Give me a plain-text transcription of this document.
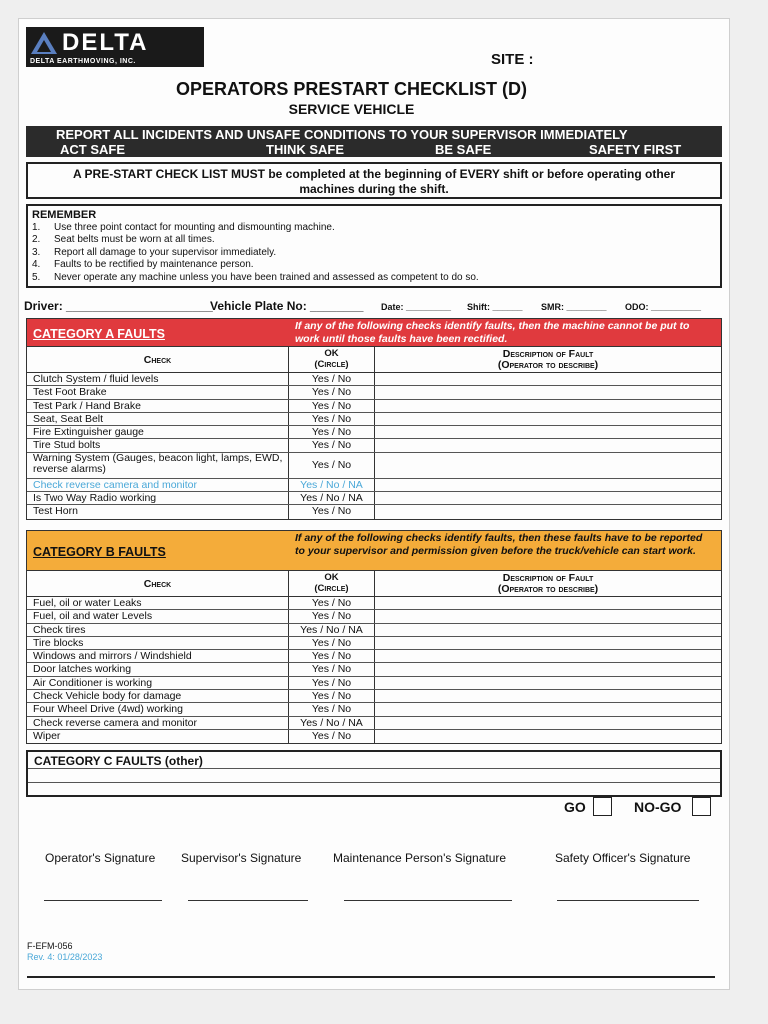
DELTA
DELTA EARTHMOVING, INC.	SITE :
OPERATORS PRESTART CHECKLIST (D)
SERVICE VEHICLE
REPORT ALL INCIDENTS AND UNSAFE CONDITIONS TO YOUR SUPERVISOR IMMEDIATELY
ACT SAFE	THINK SAFE	BE SAFE	SAFETY FIRST
A PRE-START CHECK LIST MUST be completed at the beginning of EVERY shift or before operating other machines during the shift.
REMEMBER
1.	Use three point contact for mounting and dismounting machine.
2.	Seat belts must be worn at all times.
3.	Report all damage to your supervisor immediately.
4.	Faults to be rectified by maintenance person.
5.	Never operate any machine unless you have been trained and assessed as competent to do so.
Driver: ______________________
Vehicle Plate No: ________ Date: _________ Shift: ______ SMR: ________ ODO: __________
CATEGORY A FAULTS
If any of the following checks identify faults, then the machine cannot be put to work until those faults have been rectified.
Check
OK
(Circle)
Description of Fault
(Operator to describe)
Clutch System / fluid levels	Yes / No
Test Foot Brake	Yes / No
Test Park / Hand Brake	Yes / No
Seat, Seat Belt	Yes / No
Fire Extinguisher gauge	Yes / No
Tire Stud bolts	Yes / No
Warning System (Gauges, beacon light, lamps, EWD, reverse alarms)	Yes / No
Check reverse camera and monitor	Yes / No / NA
Is Two Way Radio working	Yes / No / NA
Test Horn	Yes / No
CATEGORY B FAULTS
If any of the following checks identify faults, then these faults have to be reported to your supervisor and permission given before the truck/vehicle can start work.
Check
OK
(Circle)
Description of Fault
(Operator to describe)
Fuel, oil or water Leaks	Yes / No
Fuel, oil and water Levels	Yes / No
Check tires	Yes / No / NA
Tire blocks	Yes / No
Windows and mirrors / Windshield	Yes / No
Door latches working	Yes / No
Air Conditioner is working	Yes / No
Check Vehicle body for damage	Yes / No
Four Wheel Drive (4wd) working	Yes / No
Check reverse camera and monitor	Yes / No / NA
Wiper	Yes / No
CATEGORY C FAULTS (other)
GO	NO-GO
Operator's Signature Supervisor's Signature	Maintenance Person's Signature	Safety Officer's Signature
F-EFM-056
Rev. 4: 01/28/2023
